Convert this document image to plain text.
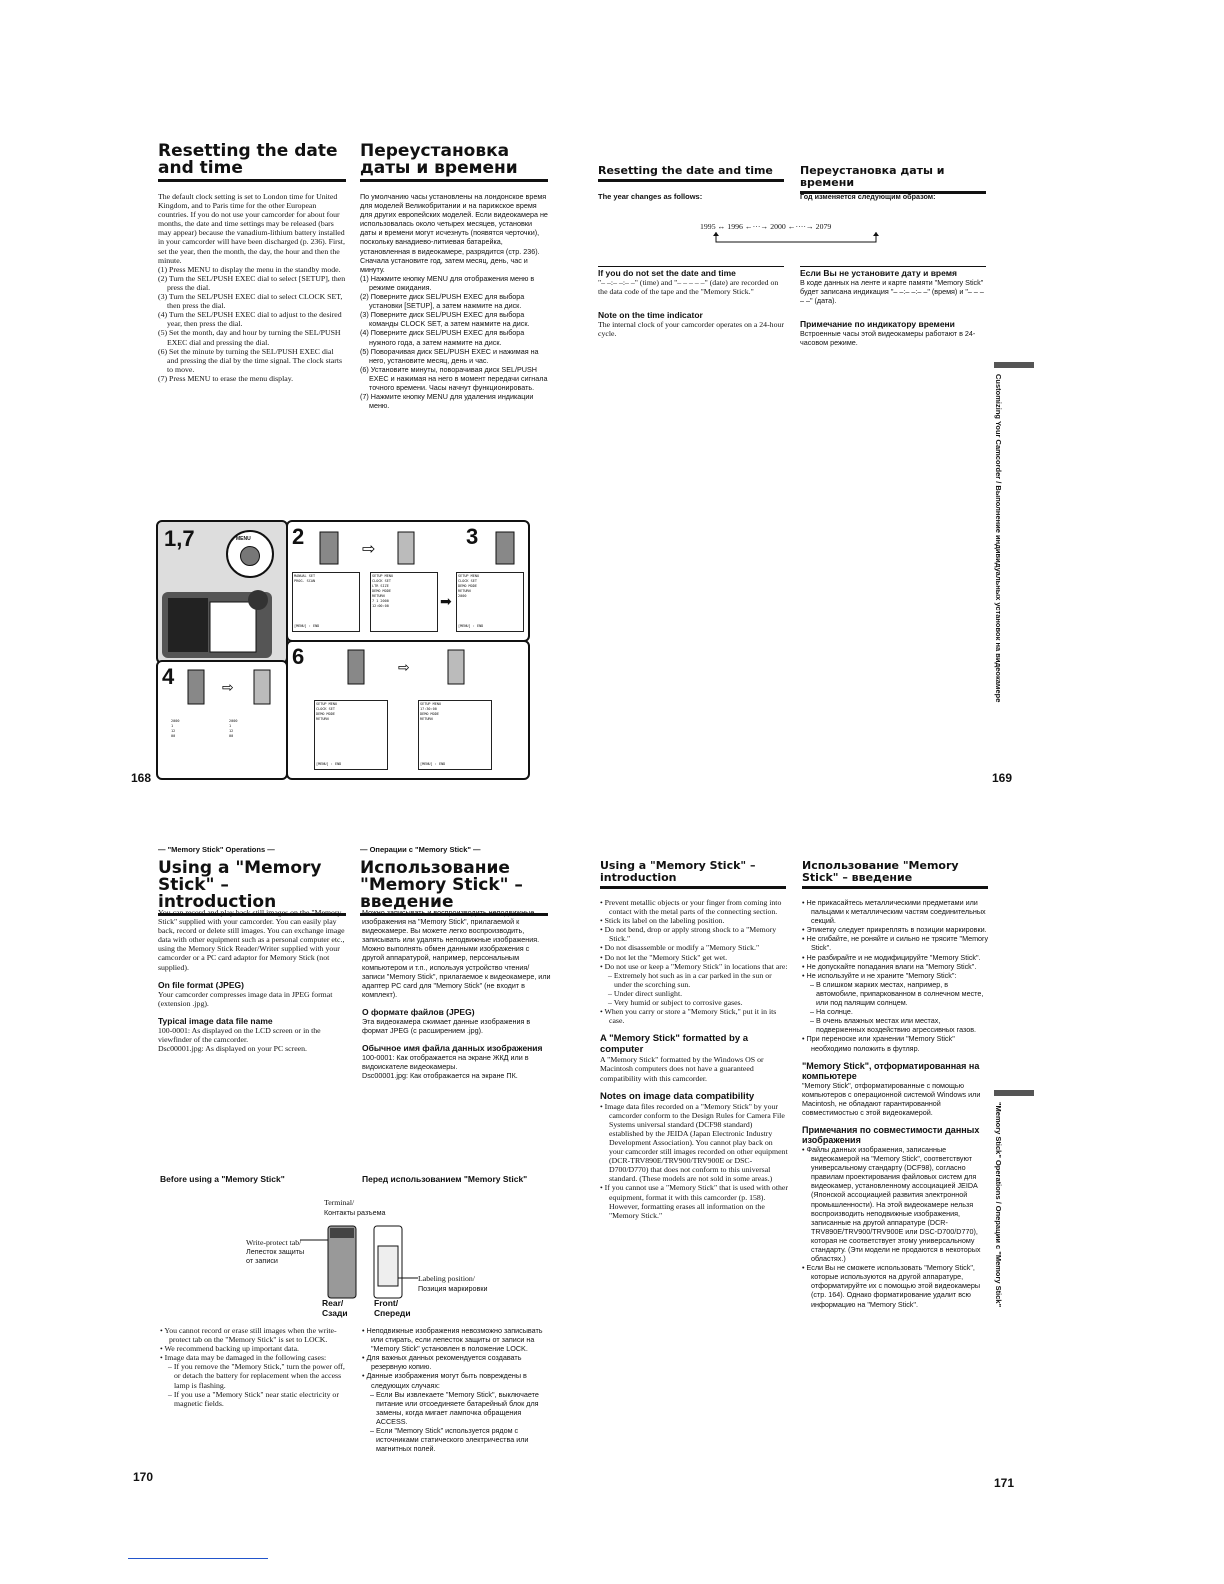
Resetting the date and time
Переустановка даты и времени

The default clock setting is set to London time for United Kingdom, and to Paris time for the other European countries. If you do not use your camcorder for about four months, the date and time settings may be released (bars may appear) because the vanadium-lithium battery installed in your camcorder will have been discharged (p. 236). First, set the year, then the month, the day, the hour and then the minute.

(1) Press MENU to display the menu in the standby mode.

(2) Turn the SEL/PUSH EXEC dial to select [SETUP], then press the dial.

(3) Turn the SEL/PUSH EXEC dial to select CLOCK SET, then press the dial.

(4) Turn the SEL/PUSH EXEC dial to adjust to the desired year, then press the dial.

(5) Set the month, day and hour by turning the SEL/PUSH EXEC dial and pressing the dial.

(6) Set the minute by turning the SEL/PUSH EXEC dial and pressing the dial by the time signal. The clock starts to move.

(7) Press MENU to erase the menu display.

По умолчанию часы установлены на лондонское время для моделей Великобритании и на парижское время для других европейских моделей. Если видеокамера не использовалась около четырех месяцев, установки даты и времени могут исчезнуть (появятся черточки), поскольку ванадиево-литиевая батарейка, установленная в видеокамере, разрядится (стр. 236). Сначала установите год, затем месяц, день, час и минуту.

(1) Нажмите кнопку MENU для отображения меню в режиме ожидания.

(2) Поверните диск SEL/PUSH EXEC для выбора установки [SETUP], а затем нажмите на диск.

(3) Поверните диск SEL/PUSH EXEC для выбора команды CLOCK SET, а затем нажмите на диск.

(4) Поверните диск SEL/PUSH EXEC для выбора нужного года, а затем нажмите на диск.

(5) Поворачивая диск SEL/PUSH EXEC и нажимая на него, установите месяц, день и час.

(6) Установите минуты, поворачивая диск SEL/PUSH EXEC и нажимая на него в момент передачи сигнала точного времени. Часы начнут функционировать.

(7) Нажмите кнопку MENU для удаления индикации меню.

1,7	MENU 2	3
⇨
MANUAL SET
PROG. SCAN
[MENU] : END
SETUP MENU
CLOCK SET
LTR SIZE
DEMO MODE
RETURN
7 1 2000
12:00:00	➡
SETUP MENU
CLOCK SET
DEMO MODE
RETURN
2000
[MENU] : END
4	⇨
2000
1
12
00
2000
1
12
00
6	⇨
SETUP MENU
CLOCK SET
DEMO MODE
RETURN
[MENU] : END
SETUP MENU
17:30:00
DEMO MODE
RETURN
[MENU] : END
168
Resetting the date and time	Переустановка даты и времени
The year changes as follows:	Год изменяется следующим образом:
1995 ↔ 1996 ←···→ 2000 ←····→ 2079
If you do not set the date and time

"– –:– –:– –" (time) and "– – – – –" (date) are recorded on the data code of the tape and the "Memory Stick."

Note on the time indicator

The internal clock of your camcorder operates on a 24-hour cycle.

Если Вы не установите дату и время

В коде данных на ленте и карте памяти "Memory Stick" будет записана индикация "– –:– –:– –" (время) и "– – – – –" (дата).

Примечание по индикатору времени

Встроенные часы этой видеокамеры работают в 24-часовом режиме.

Customizing Your Camcorder / Выполнение индивидуальных установок на видеокамере
169
— "Memory Stick" Operations —	— Операции с "Memory Stick" —
Using a "Memory Stick" – introduction
Использование "Memory Stick" – введение

You can record and play back still images on the "Memory Stick" supplied with your camcorder. You can easily play back, record or delete still images. You can exchange image data with other equipment such as a personal computer etc., using the Memory Stick Reader/Writer supplied with your camcorder or a PC card adaptor for Memory Stick (not supplied).

On file format (JPEG)

Your camcorder compresses image data in JPEG format (extension .jpg).

Typical image data file name

100-0001: As displayed on the LCD screen or in the viewfinder of the camcorder.

Dsc00001.jpg: As displayed on your PC screen.

Before using a "Memory Stick"

Можно записывать и воспроизводить неподвижные изображения на "Memory Stick", прилагаемой к видеокамере. Вы можете легко воспроизводить, записывать или удалять неподвижные изображения. Можно выполнять обмен данными изображения с другой аппаратурой, например, персональным компьютером и т.п., используя устройство чтения/записи "Memory Stick", прилагаемое к видеокамере, или адаптер PC card для "Memory Stick" (не входит в комплект).

О формате файлов (JPEG)

Эта видеокамера сжимает данные изображения в формат JPEG (с расширением .jpg).

Обычное имя файла данных изображения

100-0001: Как отображается на экране ЖКД или в видоискателе видеокамеры.

Dsc00001.jpg: Как отображается на экране ПК.

Перед использованием "Memory Stick"
Terminal/
Контакты разъема
Write-protect tab/
Лепесток защиты
от записи
Labeling position/
Позиция маркировки
Rear/
Сзади
Front/
Спереди

• You cannot record or erase still images when the write-protect tab on the "Memory Stick" is set to LOCK.

• We recommend backing up important data.

• Image data may be damaged in the following cases:

– If you remove the "Memory Stick," turn the power off, or detach the battery for replacement when the access lamp is flashing.

– If you use a "Memory Stick" near static electricity or magnetic fields.

• Неподвижные изображения невозможно записывать или стирать, если лепесток защиты от записи на "Memory Stick" установлен в положение LOCK.

• Для важных данных рекомендуется создавать резервную копию.

• Данные изображения могут быть повреждены в следующих случаях:

– Если Вы извлекаете "Memory Stick", выключаете питание или отсоединяете батарейный блок для замены, когда мигает лампочка обращения ACCESS.

– Если "Memory Stick" используется рядом с источниками статического электричества или магнитных полей.

170
Using a "Memory Stick" – introduction
Использование "Memory Stick" – введение

• Prevent metallic objects or your finger from coming into contact with the metal parts of the connecting section.

• Stick its label on the labeling position.

• Do not bend, drop or apply strong shock to a "Memory Stick."

• Do not disassemble or modify a "Memory Stick."

• Do not let the "Memory Stick" get wet.

• Do not use or keep a "Memory Stick" in locations that are:

– Extremely hot such as in a car parked in the sun or under the scorching sun.

– Under direct sunlight.

– Very humid or subject to corrosive gases.

• When you carry or store a "Memory Stick," put it in its case.

A "Memory Stick" formatted by a computer

A "Memory Stick" formatted by the Windows OS or Macintosh computers does not have a guaranteed compatibility with this camcorder.

Notes on image data compatibility

• Image data files recorded on a "Memory Stick" by your camcorder conform to the Design Rules for Camera File Systems universal standard (DCF98 standard) established by the JEIDA (Japan Electronic Industry Development Association). You cannot play back on your camcorder still images recorded on other equipment (DCR-TRV890E/TRV900/TRV900E or DSC-D700/D770) that does not conform to this universal standard. (These models are not sold in some areas.)

• If you cannot use a "Memory Stick" that is used with other equipment, format it with this camcorder (p. 158). However, formatting erases all information on the "Memory Stick."

• Не прикасайтесь металлическими предметами или пальцами к металлическим частям соединительных секций.

• Этикетку следует прикреплять в позиции маркировки.

• Не сгибайте, не роняйте и сильно не трясите "Memory Stick".

• Не разбирайте и не модифицируйте "Memory Stick".

• Не допускайте попадания влаги на "Memory Stick".

• Не используйте и не храните "Memory Stick":

– В слишком жарких местах, например, в автомобиле, припаркованном в солнечном месте, или под палящим солнцем.

– На солнце.

– В очень влажных местах или местах, подверженных воздействию агрессивных газов.

• При переноске или хранении "Memory Stick" необходимо положить в футляр.

"Memory Stick", отформатированная на компьютере

"Memory Stick", отформатированные с помощью компьютеров с операционной системой Windows или Macintosh, не обладают гарантированной совместимостью с этой видеокамерой.

Примечания по совместимости данных изображения

• Файлы данных изображения, записанные видеокамерой на "Memory Stick", соответствуют универсальному стандарту (DCF98), согласно правилам проектирования файловых систем для видеокамер, установленному ассоциацией JEIDA (Японской ассоциацией развития электронной промышленности). На этой видеокамере нельзя воспроизводить неподвижные изображения, записанные на другой аппаратуре (DCR-TRV890E/TRV900/TRV900E или DSC-D700/D770), которая не соответствует этому универсальному стандарту. (Эти модели не продаются в некоторых областях.)

• Если Вы не сможете использовать "Memory Stick", которые используются на другой аппаратуре, отформатируйте их с помощью этой видеокамеры (стр. 164). Однако форматирование удалит всю информацию на "Memory Stick".	"Memory Stick" Operations / Операции с "Memory Stick"
171
